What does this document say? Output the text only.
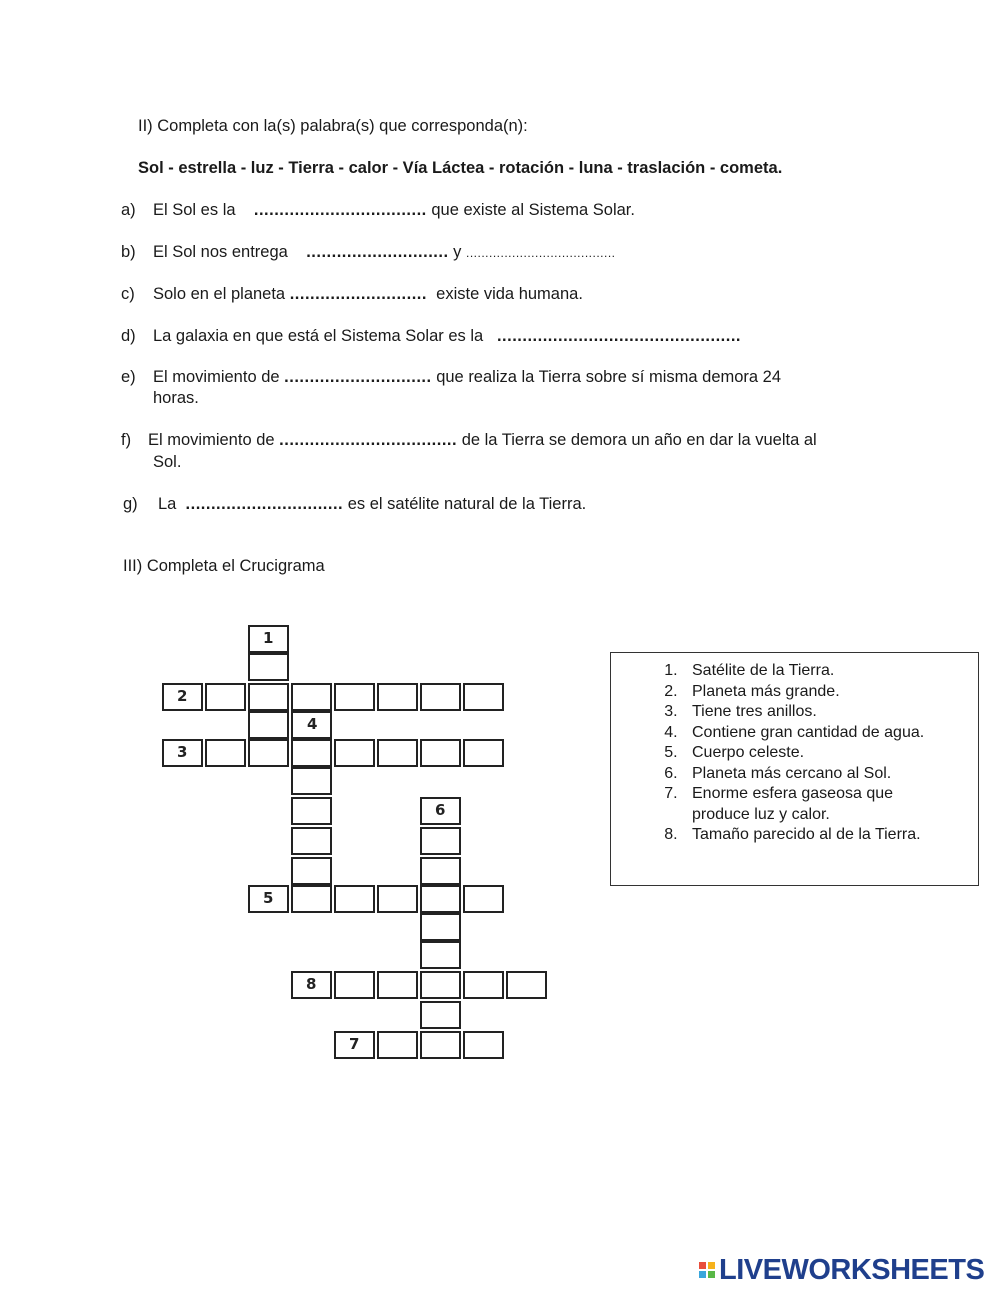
II) Completa con la(s) palabra(s) que corresponda(n):
Sol - estrella - luz - Tierra - calor - Vía Láctea - rotación - luna - traslación - cometa.
a) El Sol es la .................................. que existe al Sistema Solar.
b) El Sol nos entrega ............................ y .......................................
c) Solo en el planeta ........................... existe vida humana.
d) La galaxia en que está el Sistema Solar es la ................................................
e) El movimiento de ............................. que realiza la Tierra sobre sí misma demora 24
horas.
f) El movimiento de ................................... de la Tierra se demora un año en dar la vuelta al
Sol.
g) La ............................... es el satélite natural de la Tierra.
III) Completa el Crucigrama
1
2
3
4
5
6
7
8
1. Satélite de la Tierra.
2. Planeta más grande.
3. Tiene tres anillos.
4. Contiene gran cantidad de agua.
5. Cuerpo celeste.
6. Planeta más cercano al Sol.
7. Enorme esfera gaseosa que produce luz y calor.
8. Tamaño parecido al de la Tierra.
LIVEWORKSHEETS
